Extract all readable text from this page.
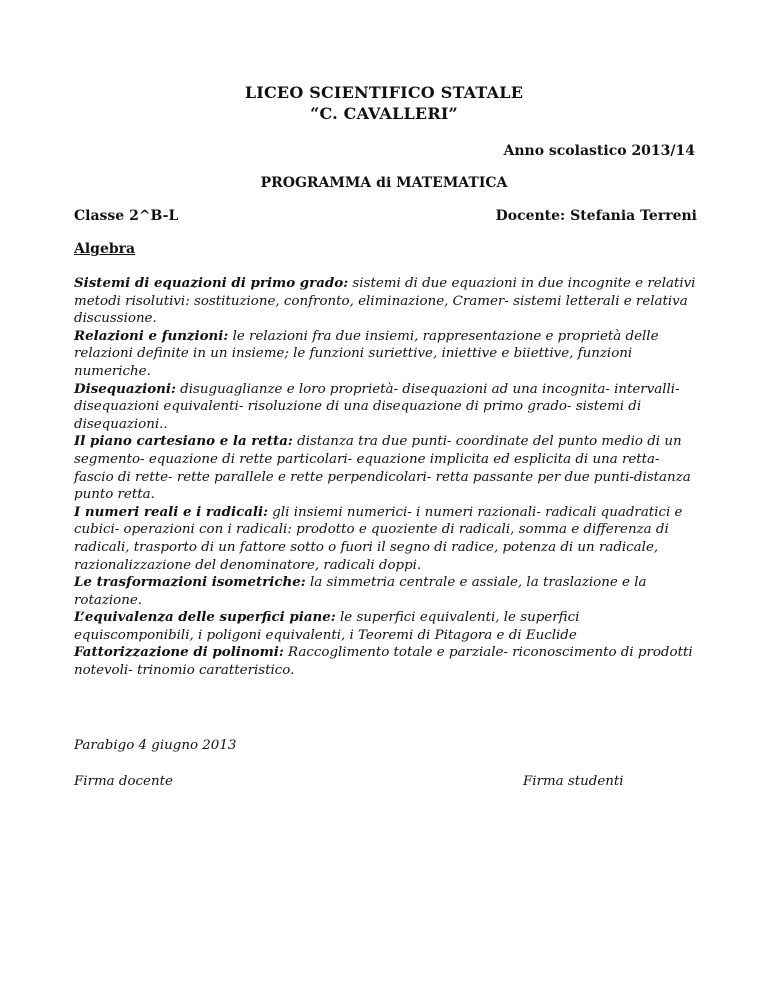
LICEO SCIENTIFICO STATALE
“C. CAVALLERI”
Anno scolastico 2013/14
PROGRAMMA di MATEMATICA
Classe 2^B-L	Docente: Stefania Terreni
Algebra

Sistemi di equazioni di primo grado: sistemi di due equazioni in due incognite e relativi metodi risolutivi: sostituzione, confronto, eliminazione, Cramer- sistemi letterali e relativa discussione.

Relazioni e funzioni: le relazioni fra due insiemi, rappresentazione e proprietà delle relazioni definite in un insieme; le funzioni suriettive, iniettive e biiettive, funzioni numeriche.

Disequazioni: disuguaglianze e loro proprietà- disequazioni ad una incognita- intervalli- disequazioni equivalenti- risoluzione di una disequazione di primo grado- sistemi di disequazioni..

Il piano cartesiano e la retta: distanza tra due punti- coordinate del punto medio di un segmento- equazione di rette particolari- equazione implicita ed esplicita di una retta- fascio di rette- rette parallele e rette perpendicolari- retta passante per due punti-distanza punto retta.

I numeri reali e i radicali: gli insiemi numerici- i numeri razionali- radicali quadratici e cubici- operazioni con i radicali: prodotto e quoziente di radicali, somma e differenza di radicali, trasporto di un fattore sotto o fuori il segno di radice, potenza di un radicale, razionalizzazione del denominatore, radicali doppi.

Le trasformazioni isometriche: la simmetria centrale e assiale, la traslazione e la rotazione.

L’equivalenza delle superfici piane: le superfici equivalenti, le superfici equiscomponibili, i poligoni equivalenti, i Teoremi di Pitagora e di Euclide

Fattorizzazione di polinomi: Raccoglimento totale e parziale- riconoscimento di prodotti notevoli- trinomio caratteristico.

Parabigo 4 giugno 2013
Firma docente	Firma studenti
